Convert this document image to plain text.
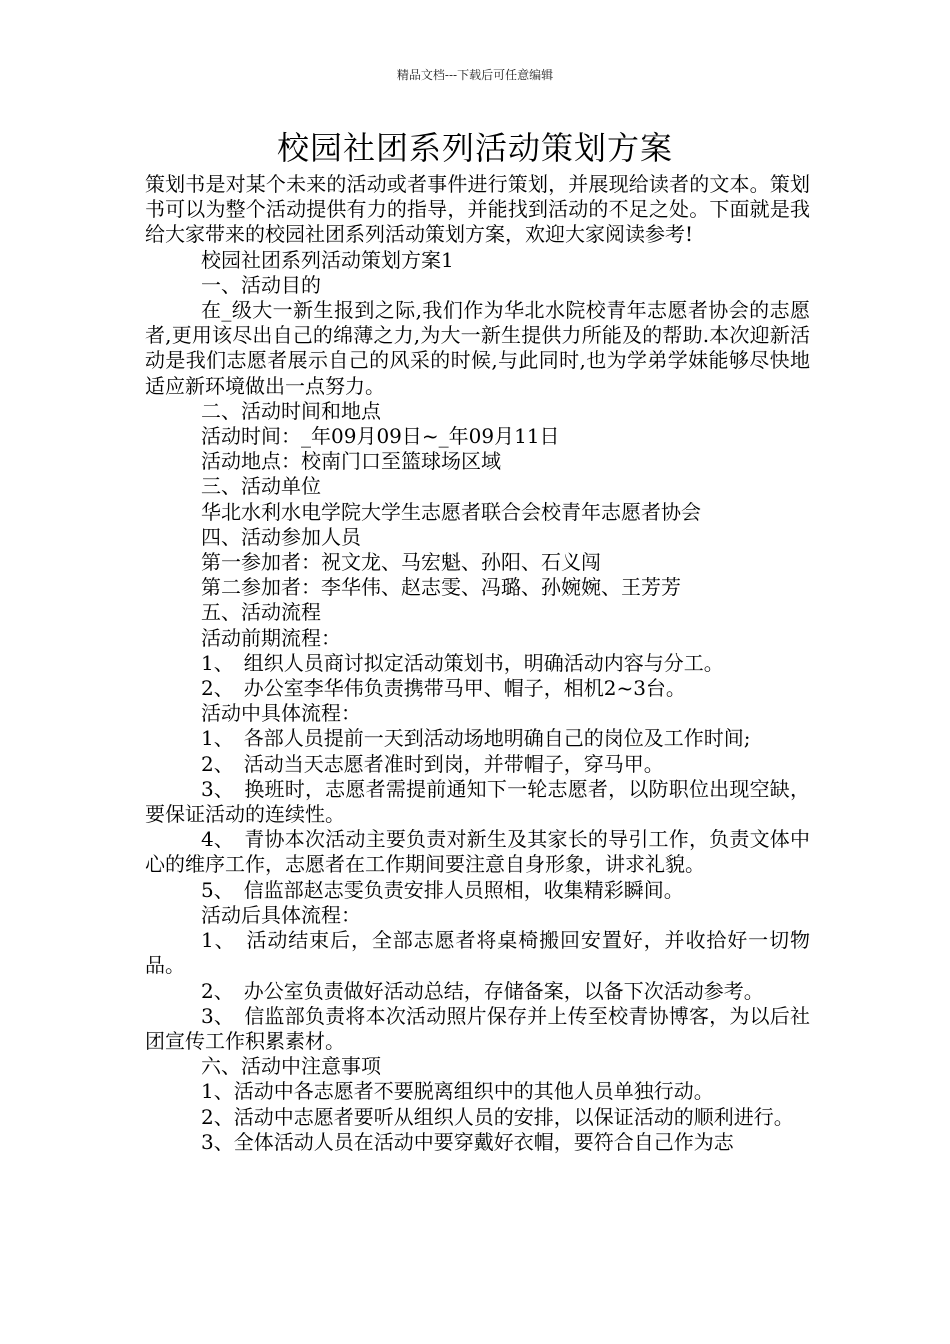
精品文档---下载后可任意编辑
校园社团系列活动策划方案

策划书是对某个未来的活动或者事件进行策划，并展现给读者的文本。策划书可以为整个活动提供有力的指导，并能找到活动的不足之处。下面就是我给大家带来的校园社团系列活动策划方案，欢迎大家阅读参考!

校园社团系列活动策划方案1

一、活动目的

在_级大一新生报到之际,我们作为华北水院校青年志愿者协会的志愿者,更用该尽出自己的绵薄之力,为大一新生提供力所能及的帮助.本次迎新活动是我们志愿者展示自己的风采的时候,与此同时,也为学弟学妹能够尽快地适应新环境做出一点努力。

二、活动时间和地点

活动时间：_年09月09日~_年09月11日

活动地点：校南门口至篮球场区域

三、活动单位

华北水利水电学院大学生志愿者联合会校青年志愿者协会

四、活动参加人员

第一参加者：祝文龙、马宏魁、孙阳、石义闯

第二参加者：李华伟、赵志雯、冯璐、孙婉婉、王芳芳

五、活动流程

活动前期流程：

1、　组织人员商讨拟定活动策划书，明确活动内容与分工。

2、　办公室李华伟负责携带马甲、帽子，相机2~3台。

活动中具体流程：

1、　各部人员提前一天到活动场地明确自己的岗位及工作时间;

2、　活动当天志愿者准时到岗，并带帽子，穿马甲。

3、　换班时，志愿者需提前通知下一轮志愿者，以防职位出现空缺，要保证活动的连续性。

4、　青协本次活动主要负责对新生及其家长的导引工作，负责文体中心的维序工作，志愿者在工作期间要注意自身形象，讲求礼貌。

5、　信监部赵志雯负责安排人员照相，收集精彩瞬间。

活动后具体流程：

1、　活动结束后，全部志愿者将桌椅搬回安置好，并收拾好一切物品。

2、　办公室负责做好活动总结，存储备案，以备下次活动参考。

3、　信监部负责将本次活动照片保存并上传至校青协博客，为以后社团宣传工作积累素材。

六、活动中注意事项

1、活动中各志愿者不要脱离组织中的其他人员单独行动。

2、活动中志愿者要听从组织人员的安排，以保证活动的顺利进行。

3、全体活动人员在活动中要穿戴好衣帽，要符合自己作为志
